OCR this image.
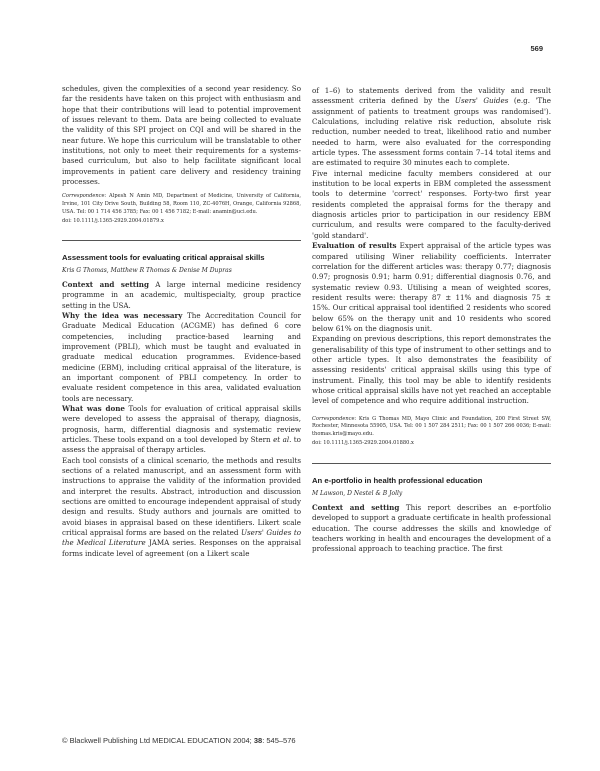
569

schedules, given the complexities of a second year residency. So far the residents have taken on this project with enthusiasm and hope that their contributions will lead to potential improvement of issues relevant to them. Data are being collected to evaluate the validity of this SPI project on CQI and will be shared in the near future. We hope this curriculum will be translatable to other institutions, not only to meet their requirements for a systems-based curriculum, but also to help facilitate significant local improvements in patient care delivery and residency training processes.

Correspondence: Alpesh N Amin MD, Department of Medicine, University of California, Irvine, 101 City Drive South, Building 58, Room 110, ZC-4076H, Orange, California 92868, USA. Tel: 00 1 714 456 3785; Fax: 00 1 456 7182; E-mail: anamin@uci.edu.

doi: 10.1111/j.1365-2929.2004.01879.x

Assessment tools for evaluating critical appraisal skills
Kris G Thomas, Matthew R Thomas & Denise M Dupras

Context and setting A large internal medicine residency programme in an academic, multispecialty, group practice setting in the USA.

Why the idea was necessary The Accreditation Council for Graduate Medical Education (ACGME) has defined 6 core competencies, including practice-based learning and improvement (PBLI), which must be taught and evaluated in graduate medical education programmes. Evidence-based medicine (EBM), including critical appraisal of the literature, is an important component of PBLI competency. In order to evaluate resident competence in this area, validated evaluation tools are necessary.

What was done Tools for evaluation of critical appraisal skills were developed to assess the appraisal of therapy, diagnosis, prognosis, harm, differential diagnosis and systematic review articles. These tools expand on a tool developed by Stern et al. to assess the appraisal of therapy articles.

Each tool consists of a clinical scenario, the methods and results sections of a related manuscript, and an assessment form with instructions to appraise the validity of the information provided and interpret the results. Abstract, introduction and discussion sections are omitted to encourage independent appraisal of study design and results. Study authors and journals are omitted to avoid biases in appraisal based on these identifiers. Likert scale critical appraisal forms are based on the related Users' Guides to the Medical Literature JAMA series. Responses on the appraisal forms indicate level of agreement (on a Likert scale

of 1–6) to statements derived from the validity and result assessment criteria defined by the Users' Guides (e.g. 'The assignment of patients to treatment groups was randomised'). Calculations, including relative risk reduction, absolute risk reduction, number needed to treat, likelihood ratio and number needed to harm, were also evaluated for the corresponding article types. The assessment forms contain 7–14 total items and are estimated to require 30 minutes each to complete.

Five internal medicine faculty members considered at our institution to be local experts in EBM completed the assessment tools to determine 'correct' responses. Forty-two first year residents completed the appraisal forms for the therapy and diagnosis articles prior to participation in our residency EBM curriculum, and results were compared to the faculty-derived 'gold standard'.

Evaluation of results Expert appraisal of the article types was compared utilising Winer reliability coefficients. Interrater correlation for the different articles was: therapy 0.77; diagnosis 0.97; prognosis 0.91; harm 0.91; differential diagnosis 0.76, and systematic review 0.93. Utilising a mean of weighted scores, resident results were: therapy 87 ± 11% and diagnosis 75 ± 15%. Our critical appraisal tool identified 2 residents who scored below 65% on the therapy unit and 10 residents who scored below 61% on the diagnosis unit.

Expanding on previous descriptions, this report demonstrates the generalisability of this type of instrument to other settings and to other article types. It also demonstrates the feasibility of assessing residents' critical appraisal skills using this type of instrument. Finally, this tool may be able to identify residents whose critical appraisal skills have not yet reached an acceptable level of competence and who require additional instruction.

Correspondence: Kris G Thomas MD, Mayo Clinic and Foundation, 200 First Street SW, Rochester, Minnesota 55905, USA. Tel: 00 1 507 284 2511; Fax: 00 1 507 266 0036; E-mail: thomas.kris@mayo.edu.

doi: 10.1111/j.1365-2929.2004.01880.x

An e-portfolio in health professional education
M Lawson, D Nestel & B Jolly

Context and setting This report describes an e-portfolio developed to support a graduate certificate in health professional education. The course addresses the skills and knowledge of teachers working in health and encourages the development of a professional approach to teaching practice. The first

© Blackwell Publishing Ltd MEDICAL EDUCATION 2004; 38: 545–576
